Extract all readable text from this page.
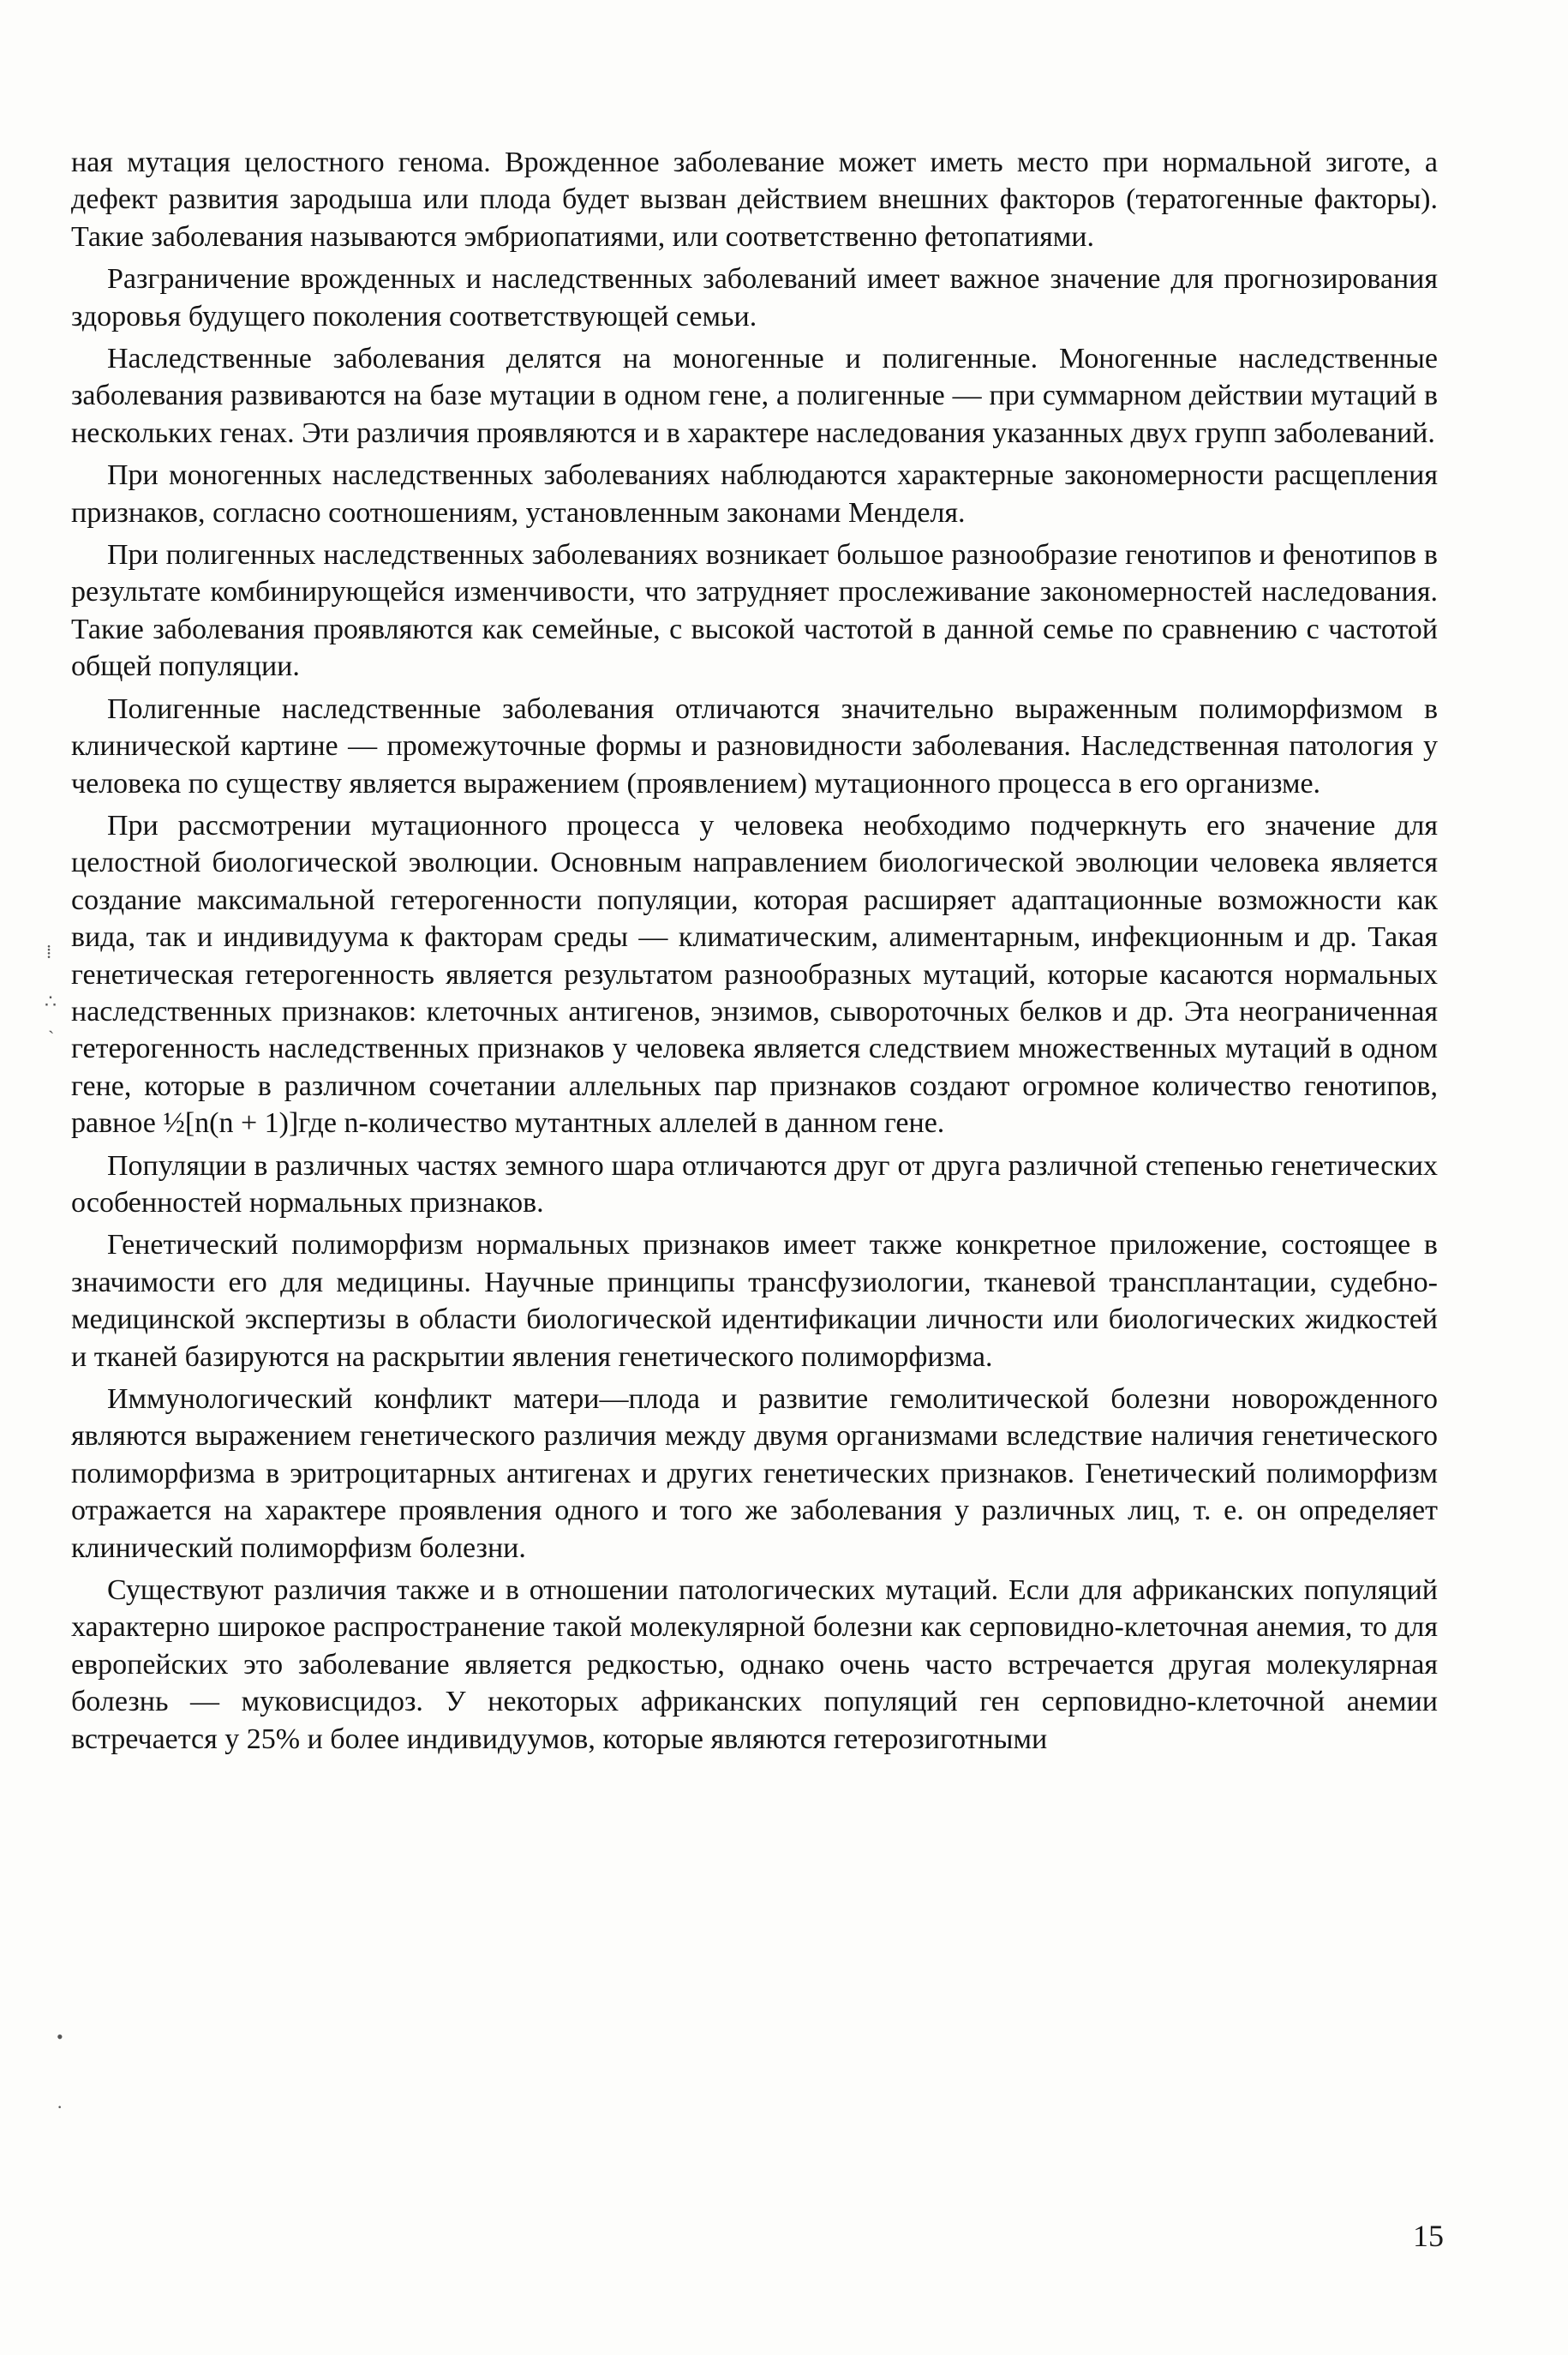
ная мутация целостного генома. Врожденное заболевание может иметь место при нормальной зиготе, а дефект развития зародыша или плода будет вызван действием внешних факторов (тератогенные факторы). Такие заболевания называются эмбриопатиями, или соответственно фетопатиями.

Разграничение врожденных и наследственных заболеваний имеет важное значение для прогнозирования здоровья будущего поколения соответствующей семьи.

Наследственные заболевания делятся на моногенные и полигенные. Моногенные наследственные заболевания развиваются на базе мутации в одном гене, а полигенные — при суммарном действии мутаций в нескольких генах. Эти различия проявляются и в характере наследования указанных двух групп заболеваний.

При моногенных наследственных заболеваниях наблюдаются характерные закономерности расщепления признаков, согласно соотношениям, установленным законами Менделя.

При полигенных наследственных заболеваниях возникает большое разнообразие генотипов и фенотипов в результате комбинирующейся изменчивости, что затрудняет прослеживание закономерностей наследования. Такие заболевания проявляются как семейные, с высокой частотой в данной семье по сравнению с частотой общей популяции.

Полигенные наследственные заболевания отличаются значительно выраженным полиморфизмом в клинической картине — промежуточные формы и разновидности заболевания. Наследственная патология у человека по существу является выражением (проявлением) мутационного процесса в его организме.

При рассмотрении мутационного процесса у человека необходимо подчеркнуть его значение для целостной биологической эволюции. Основным направлением биологической эволюции человека является создание максимальной гетерогенности популяции, которая расширяет адаптационные возможности как вида, так и индивидуума к факторам среды — климатическим, алиментарным, инфекционным и др. Такая генетическая гетерогенность является результатом разнообразных мутаций, которые касаются нормальных наследственных признаков: клеточных антигенов, энзимов, сывороточных белков и др. Эта неограниченная гетерогенность наследственных признаков у человека является следствием множественных мутаций в одном гене, которые в различном сочетании аллельных пар признаков создают огромное количество генотипов, равное ½[n(n + 1)]где n-количество мутантных аллелей в данном гене.

Популяции в различных частях земного шара отличаются друг от друга различной степенью генетических особенностей нормальных признаков.

Генетический полиморфизм нормальных признаков имеет также конкретное приложение, состоящее в значимости его для медицины. Научные принципы трансфузиологии, тканевой трансплантации, судебно-медицинской экспертизы в области биологической идентификации личности или биологических жидкостей и тканей базируются на раскрытии явления генетического полиморфизма.

Иммунологический конфликт матери—плода и развитие гемолитической болезни новорожденного являются выражением генетического различия между двумя организмами вследствие наличия генетического полиморфизма в эритроцитарных антигенах и других генетических признаков. Генетический полиморфизм отражается на характере проявления одного и того же заболевания у различных лиц, т. е. он определяет клинический полиморфизм болезни.

Существуют различия также и в отношении патологических мутаций. Если для африканских популяций характерно широкое распространение такой молекулярной болезни как серповидно-клеточная анемия, то для европейских это заболевание является редкостью, однако очень часто встречается другая молекулярная болезнь — муковисцидоз. У некоторых африканских популяций ген серповидно-клеточной анемии встречается у 25% и более индивидуумов, которые являются гетерозиготными

⁞
∴
ˋ
•
·
15
